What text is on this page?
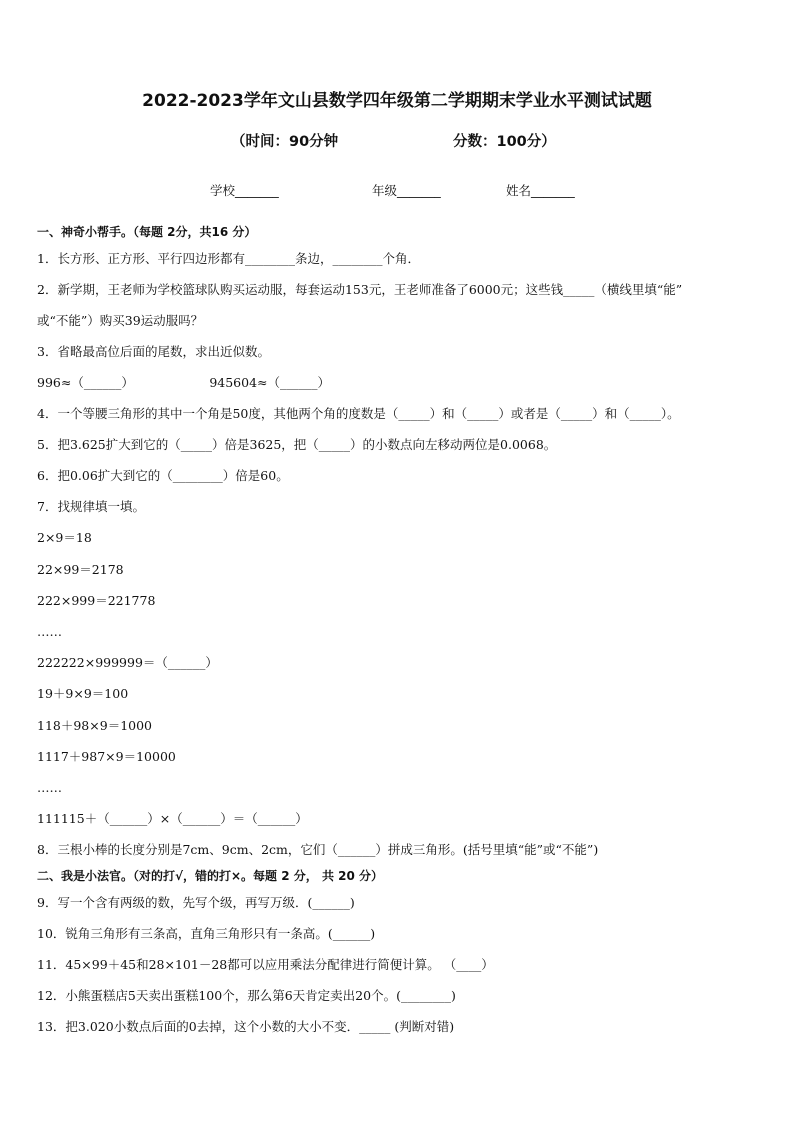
2022-2023学年文山县数学四年级第二学期期末学业水平测试试题
（时间：90分钟	分数：100分）
学校_______	年级_______	姓名_______
一、神奇小帮手。（每题 2分，共16 分）
1．长方形、正方形、平行四边形都有________条边，________个角．
2．新学期，王老师为学校篮球队购买运动服，每套运动153元，王老师准备了6000元；这些钱_____（横线里填“能”
或“不能”）购买39运动服吗？
3．省略最高位后面的尾数，求出近似数。
996≈（______）                   945604≈（______）
4．一个等腰三角形的其中一个角是50度，其他两个角的度数是（_____）和（_____）或者是（_____）和（_____）。
5．把3.625扩大到它的（_____）倍是3625，把（_____）的小数点向左移动两位是0.0068。
6．把0.06扩大到它的（________）倍是60。
7．找规律填一填。
2×9＝18
22×99＝2178
222×999＝221778
……
222222×999999＝（______）
19＋9×9＝100
118＋98×9＝1000
1117＋987×9＝10000
……
111115＋（______）×（______）＝（______）
8．三根小棒的长度分别是7cm、9cm、2cm，它们（______）拼成三角形。(括号里填“能”或“不能”)
二、我是小法官。（对的打√，错的打×。每题 2 分， 共 20 分）
9．写一个含有两级的数，先写个级，再写万级．(______)
10．锐角三角形有三条高，直角三角形只有一条高。(______)
11．45×99＋45和28×101－28都可以应用乘法分配律进行简便计算。 （____）
12．小熊蛋糕店5天卖出蛋糕100个，那么第6天肯定卖出20个。(________)
13．把3.020小数点后面的0去掉，这个小数的大小不变．_____ (判断对错)
